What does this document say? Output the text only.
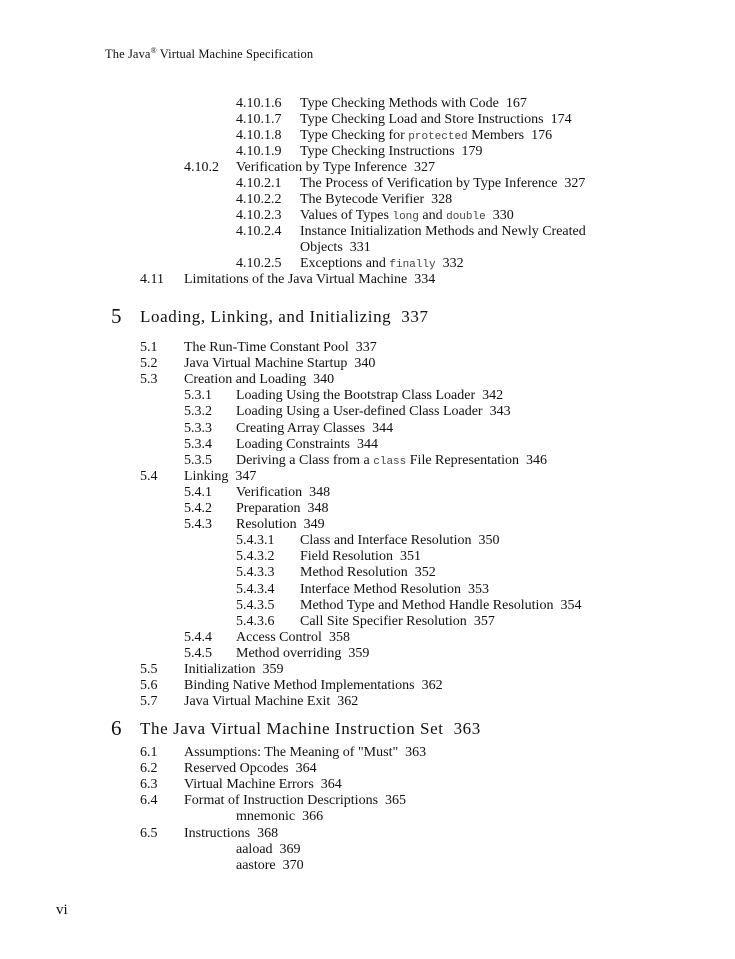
The Java® Virtual Machine Specification
4.10.1.6 Type Checking Methods with Code 167
4.10.1.7 Type Checking Load and Store Instructions 174
4.10.1.8 Type Checking for protected Members 176
4.10.1.9 Type Checking Instructions 179
4.10.2 Verification by Type Inference 327
4.10.2.1 The Process of Verification by Type Inference 327
4.10.2.2 The Bytecode Verifier 328
4.10.2.3 Values of Types long and double 330
4.10.2.4 Instance Initialization Methods and Newly Created
Objects 331
4.10.2.5 Exceptions and finally 332
4.11 Limitations of the Java Virtual Machine 334
5 Loading, Linking, and Initializing 337
5.1 The Run-Time Constant Pool 337
5.2 Java Virtual Machine Startup 340
5.3 Creation and Loading 340
5.3.1 Loading Using the Bootstrap Class Loader 342
5.3.2 Loading Using a User-defined Class Loader 343
5.3.3 Creating Array Classes 344
5.3.4 Loading Constraints 344
5.3.5 Deriving a Class from a class File Representation 346
5.4 Linking 347
5.4.1 Verification 348
5.4.2 Preparation 348
5.4.3 Resolution 349
5.4.3.1 Class and Interface Resolution 350
5.4.3.2 Field Resolution 351
5.4.3.3 Method Resolution 352
5.4.3.4 Interface Method Resolution 353
5.4.3.5 Method Type and Method Handle Resolution 354
5.4.3.6 Call Site Specifier Resolution 357
5.4.4 Access Control 358
5.4.5 Method overriding 359
5.5 Initialization 359
5.6 Binding Native Method Implementations 362
5.7 Java Virtual Machine Exit 362
6 The Java Virtual Machine Instruction Set 363
6.1 Assumptions: The Meaning of "Must" 363
6.2 Reserved Opcodes 364
6.3 Virtual Machine Errors 364
6.4 Format of Instruction Descriptions 365
mnemonic 366
6.5 Instructions 368
aaload 369
aastore 370
vi
